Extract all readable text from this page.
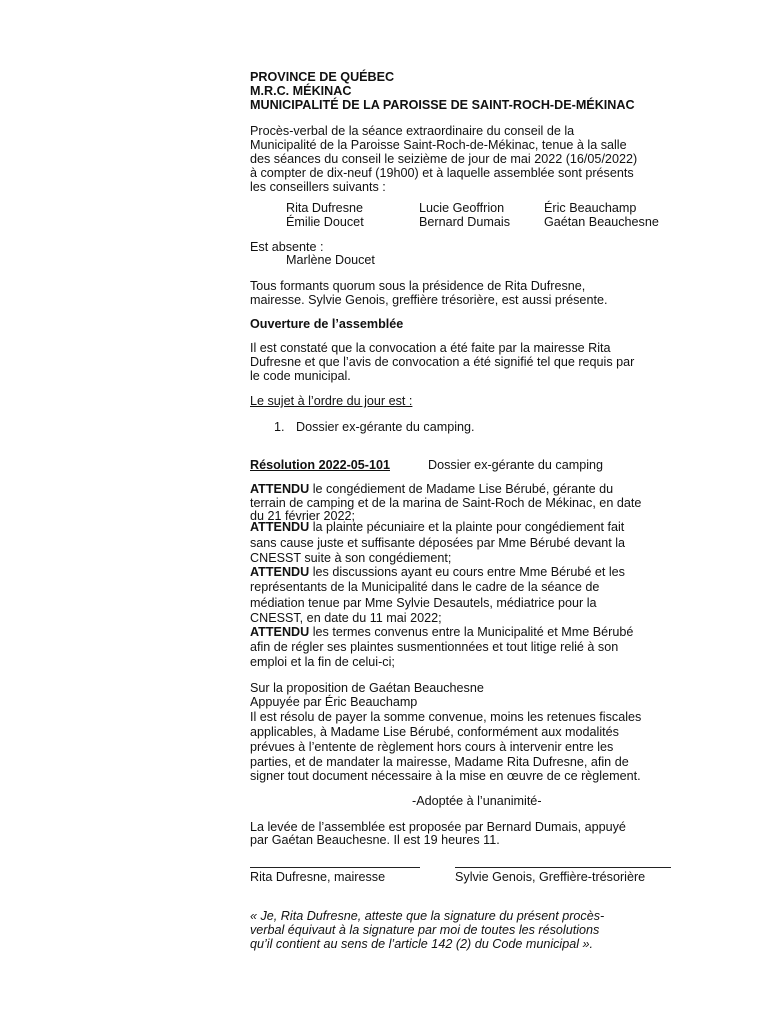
PROVINCE DE QUÉBEC
M.R.C. MÉKINAC
MUNICIPALITÉ DE LA PAROISSE DE SAINT-ROCH-DE-MÉKINAC
Procès-verbal de la séance extraordinaire du conseil de la
Municipalité de la Paroisse Saint-Roch-de-Mékinac, tenue à la salle
des séances du conseil le seizième de jour de mai 2022 (16/05/2022)
à compter de dix-neuf (19h00) et à laquelle assemblée sont présents
les conseillers suivants :
Rita Dufresne
Émilie Doucet
Lucie Geoffrion
Bernard Dumais
Éric Beauchamp
Gaétan Beauchesne
Est absente :
Marlène Doucet
Tous formants quorum sous la présidence de Rita Dufresne,
mairesse. Sylvie Genois, greffière trésorière, est aussi présente.
Ouverture de l’assemblée
Il est constaté que la convocation a été faite par la mairesse Rita
Dufresne et que l’avis de convocation a été signifié tel que requis par
le code municipal.
Le sujet à l’ordre du jour est :
1. Dossier ex-gérante du camping.
Résolution 2022-05-101	Dossier ex-gérante du camping
ATTENDU le congédiement de Madame Lise Bérubé, gérante du
terrain de camping et de la marina de Saint-Roch de Mékinac, en date
du 21 février 2022;
ATTENDU la plainte pécuniaire et la plainte pour congédiement fait
sans cause juste et suffisante déposées par Mme Bérubé devant la
CNESST suite à son congédiement;
ATTENDU les discussions ayant eu cours entre Mme Bérubé et les
représentants de la Municipalité dans le cadre de la séance de
médiation tenue par Mme Sylvie Desautels, médiatrice pour la
CNESST, en date du 11 mai 2022;
ATTENDU les termes convenus entre la Municipalité et Mme Bérubé
afin de régler ses plaintes susmentionnées et tout litige relié à son
emploi et la fin de celui-ci;
Sur la proposition de Gaétan Beauchesne
Appuyée par Éric Beauchamp
Il est résolu de payer la somme convenue, moins les retenues fiscales
applicables, à Madame Lise Bérubé, conformément aux modalités
prévues à l’entente de règlement hors cours à intervenir entre les
parties, et de mandater la mairesse, Madame Rita Dufresne, afin de
signer tout document nécessaire à la mise en œuvre de ce règlement.
-Adoptée à l’unanimité-
La levée de l’assemblée est proposée par Bernard Dumais, appuyé
par Gaétan Beauchesne. Il est 19 heures 11.
Rita Dufresne, mairesse	Sylvie Genois, Greffière-trésorière
« Je, Rita Dufresne, atteste que la signature du présent procès-
verbal équivaut à la signature par moi de toutes les résolutions
qu’il contient au sens de l’article 142 (2) du Code municipal ».
